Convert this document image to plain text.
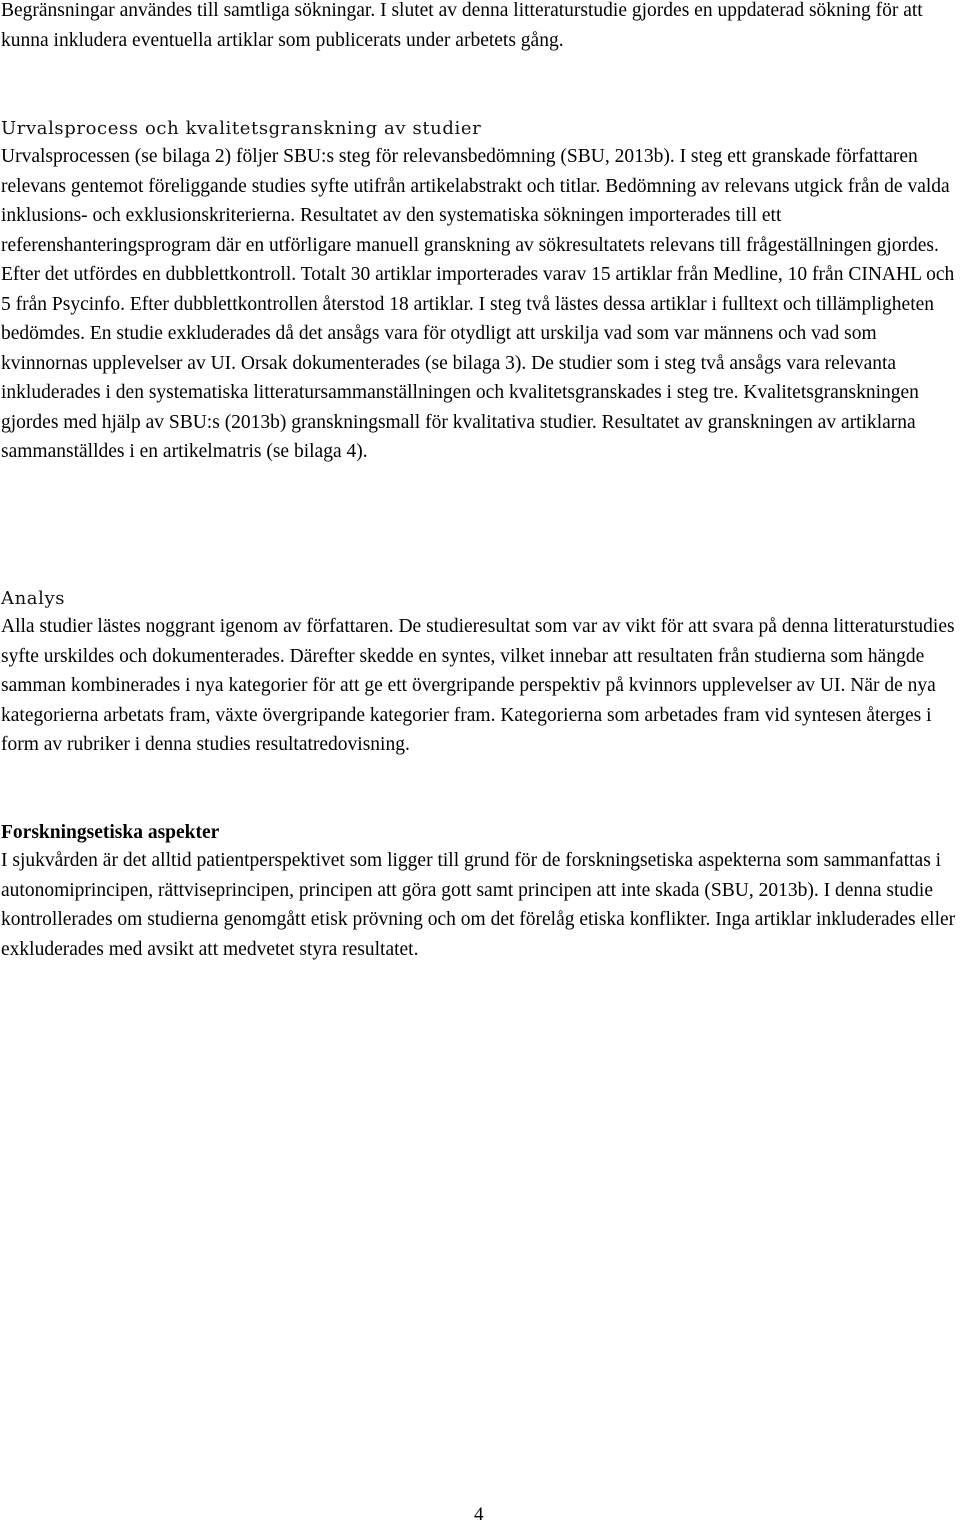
Begränsningar användes till samtliga sökningar. I slutet av denna litteraturstudie gjordes en uppdaterad sökning för att kunna inkludera eventuella artiklar som publicerats under arbetets gång.

Urvalsprocess och kvalitetsgranskning av studier

Urvalsprocessen (se bilaga 2) följer SBU:s steg för relevansbedömning (SBU, 2013b). I steg ett granskade författaren relevans gentemot föreliggande studies syfte utifrån artikelabstrakt och titlar. Bedömning av relevans utgick från de valda inklusions- och exklusionskriterierna. Resultatet av den systematiska sökningen importerades till ett referenshanteringsprogram där en utförligare manuell granskning av sökresultatets relevans till frågeställningen gjordes. Efter det utfördes en dubblettkontroll. Totalt 30 artiklar importerades varav 15 artiklar från Medline, 10 från CINAHL och 5 från Psycinfo. Efter dubblettkontrollen återstod 18 artiklar. I steg två lästes dessa artiklar i fulltext och tillämpligheten bedömdes. En studie exkluderades då det ansågs vara för otydligt att urskilja vad som var männens och vad som kvinnornas upplevelser av UI. Orsak dokumenterades (se bilaga 3). De studier som i steg två ansågs vara relevanta inkluderades i den systematiska litteratursammanställningen och kvalitetsgranskades i steg tre. Kvalitetsgranskningen gjordes med hjälp av SBU:s (2013b) granskningsmall för kvalitativa studier. Resultatet av granskningen av artiklarna sammanställdes i en artikelmatris (se bilaga 4).

Analys

Alla studier lästes noggrant igenom av författaren. De studieresultat som var av vikt för att svara på denna litteraturstudies syfte urskildes och dokumenterades. Därefter skedde en syntes, vilket innebar att resultaten från studierna som hängde samman kombinerades i nya kategorier för att ge ett övergripande perspektiv på kvinnors upplevelser av UI. När de nya kategorierna arbetats fram, växte övergripande kategorier fram. Kategorierna som arbetades fram vid syntesen återges i form av rubriker i denna studies resultatredovisning.

Forskningsetiska aspekter

I sjukvården är det alltid patientperspektivet som ligger till grund för de forskningsetiska aspekterna som sammanfattas i autonomiprincipen, rättviseprincipen, principen att göra gott samt principen att inte skada (SBU, 2013b). I denna studie kontrollerades om studierna genomgått etisk prövning och om det förelåg etiska konflikter. Inga artiklar inkluderades eller exkluderades med avsikt att medvetet styra resultatet.

4
